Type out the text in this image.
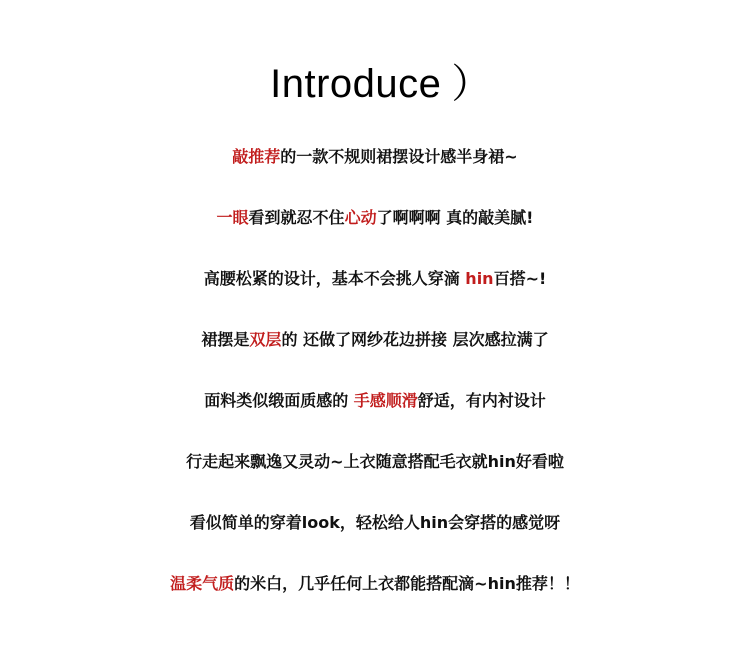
Introduce ）
敲推荐的一款不规则裙摆设计感半身裙~
一眼看到就忍不住心动了啊啊啊 真的敲美腻!
高腰松紧的设计，基本不会挑人穿滴 hin百搭~!
裙摆是双层的 还做了网纱花边拼接 层次感拉满了
面料类似缎面质感的 手感顺滑舒适，有内衬设计
行走起来飘逸又灵动~上衣随意搭配毛衣就hin好看啦
看似简单的穿着look，轻松给人hin会穿搭的感觉呀
温柔气质的米白，几乎任何上衣都能搭配滴~hin推荐！！
